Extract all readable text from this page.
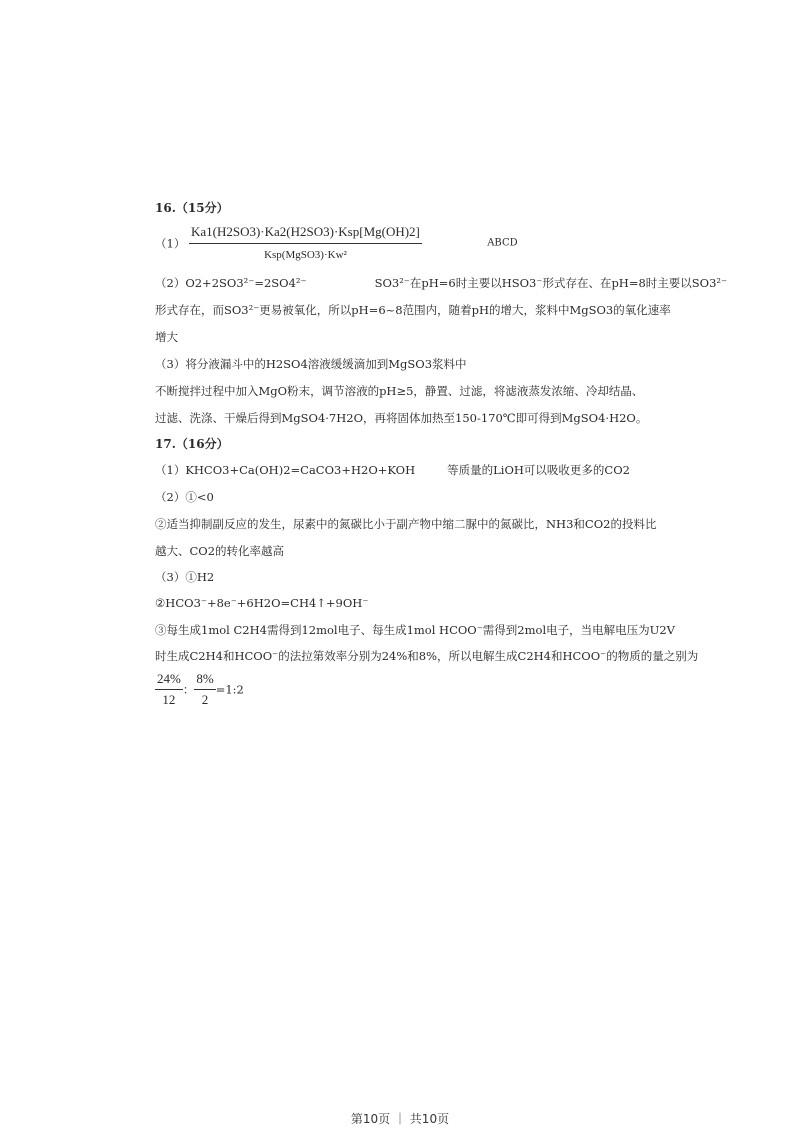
16.（15分）
$(1) \frac{\text{Ka1(H2SO3)·Ka2(H2SO3)·Ksp[Mg(OH)2]}}{\text{Ksp(MgSO3)·Kw²}}$	ABCD
（2）O2+2SO3²⁻=2SO4²⁻	SO3²⁻在pH=6时主要以HSO3⁻形式存在、在pH=8时主要以SO3²⁻
形式存在，而SO3²⁻更易被氧化，所以pH=6~8范围内，随着pH的增大，浆料中MgSO3的氧化速率
增大
（3）将分液漏斗中的H2SO4溶液缓缓滴加到MgSO3浆料中
不断搅拌过程中加入MgO粉末，调节溶液的pH≥5，静置、过滤，将滤液蒸发浓缩、冷却结晶、
过滤、洗涤、干燥后得到MgSO4·7H2O，再将固体加热至150-170℃即可得到MgSO4·H2O。
17.（16分）
（1）KHCO3+Ca(OH)2=CaCO3+H2O+KOH	等质量的LiOH可以吸收更多的CO2
（2）①<0
②适当抑制副反应的发生，尿素中的氮碳比小于副产物中缩二脲中的氮碳比，NH3和CO2的投料比
越大、CO2的转化率越高
（3）①H2
②HCO3⁻+8e⁻+6H2O=CH4↑+9OH⁻
③每生成1mol C2H4需得到12mol电子、每生成1mol HCOO⁻需得到2mol电子，当电解电压为U2V
时生成C2H4和HCOO⁻的法拉第效率分别为24%和8%，所以电解生成C2H4和HCOO⁻的物质的量之别为
$\frac{24\%}{12}$ ： $\frac{8\%}{2}$ =1:2
第10页 ｜ 共10页
